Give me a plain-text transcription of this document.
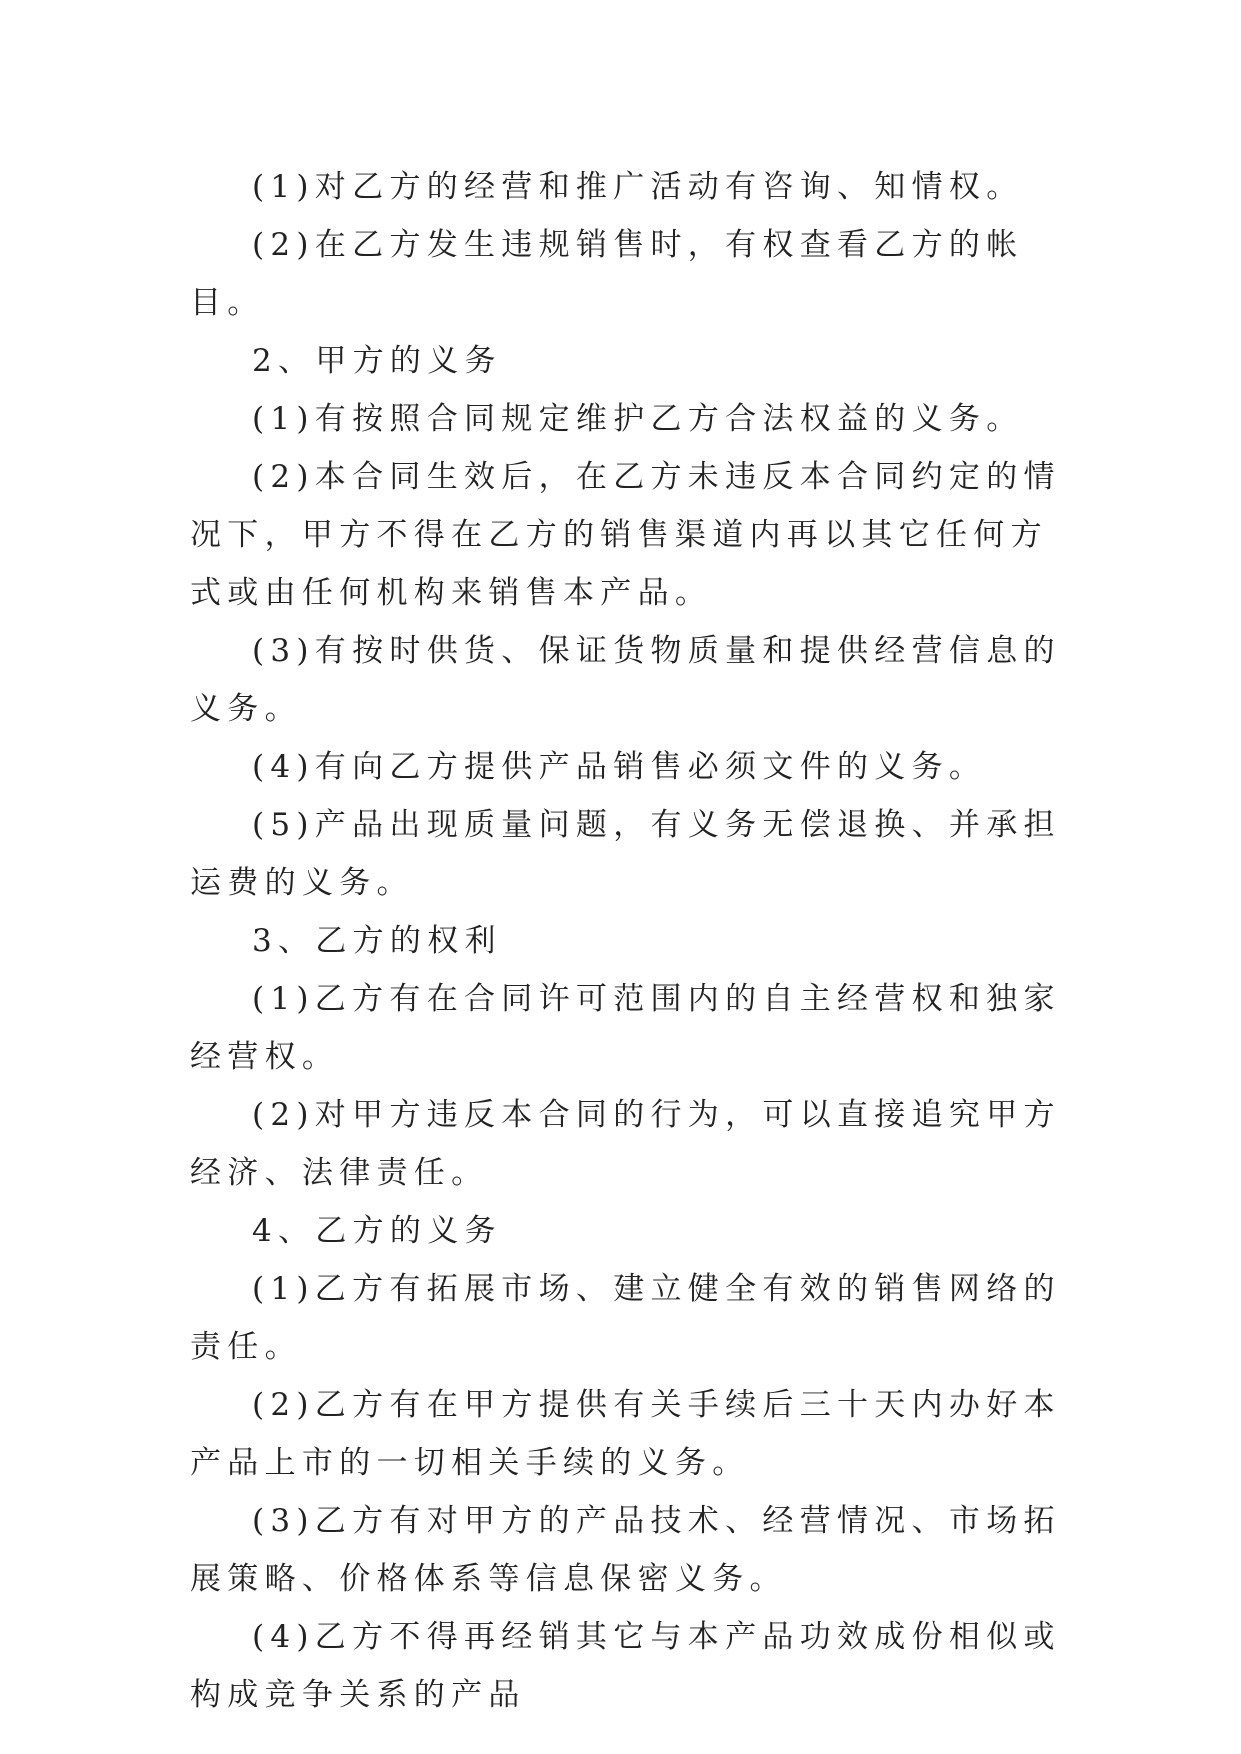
(1)对乙方的经营和推广活动有咨询、知情权。

(2)在乙方发生违规销售时，有权查看乙方的帐目。

2、甲方的义务

(1)有按照合同规定维护乙方合法权益的义务。

(2)本合同生效后，在乙方未违反本合同约定的情况下，甲方不得在乙方的销售渠道内再以其它任何方式或由任何机构来销售本产品。

(3)有按时供货、保证货物质量和提供经营信息的义务。

(4)有向乙方提供产品销售必须文件的义务。

(5)产品出现质量问题，有义务无偿退换、并承担运费的义务。

3、乙方的权利

(1)乙方有在合同许可范围内的自主经营权和独家经营权。

(2)对甲方违反本合同的行为，可以直接追究甲方经济、法律责任。

4、乙方的义务

(1)乙方有拓展市场、建立健全有效的销售网络的责任。

(2)乙方有在甲方提供有关手续后三十天内办好本产品上市的一切相关手续的义务。

(3)乙方有对甲方的产品技术、经营情况、市场拓展策略、价格体系等信息保密义务。

(4)乙方不得再经销其它与本产品功效成份相似或构成竞争关系的产品
